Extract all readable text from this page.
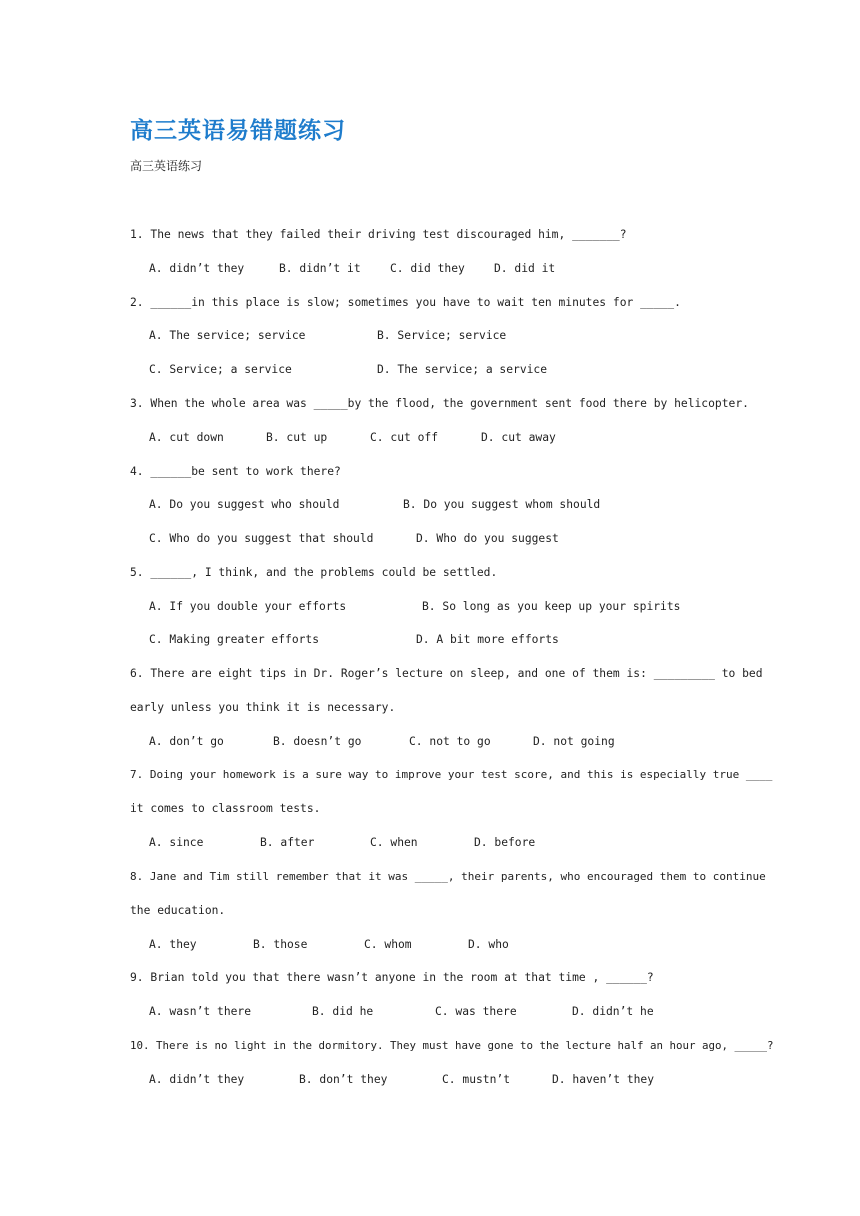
高三英语易错题练习
高三英语练习
1. The news that they failed their driving test discouraged him, _______?
A. didn’t they	B. didn’t it	C. did they	D. did it
2. ______in this place is slow; sometimes you have to wait ten minutes for _____.
A. The service; service	B. Service; service
C. Service; a service	D. The service; a service
3. When the whole area was _____by the flood, the government sent food there by helicopter.
A. cut down	B. cut up	C. cut off	D. cut away
4. ______be sent to work there?
A. Do you suggest who should	B. Do you suggest whom should
C. Who do you suggest that should	D. Who do you suggest
5. ______, I think, and the problems could be settled.
A. If you double your efforts	B. So long as you keep up your spirits
C. Making greater efforts	D. A bit more efforts
6. There are eight tips in Dr. Roger’s lecture on sleep, and one of them is: _________ to bed
early unless you think it is necessary.
A. don’t go	B. doesn’t go	C. not to go	D. not going
7. Doing your homework is a sure way to improve your test score, and this is especially true ____
it comes to classroom tests.
A. since	B. after	C. when	D. before
8. Jane and Tim still remember that it was _____, their parents, who encouraged them to continue
the education.
A. they	B. those	C. whom	D. who
9. Brian told you that there wasn’t anyone in the room at that time , ______?
A. wasn’t there	B. did he	C. was there	D. didn’t he
10. There is no light in the dormitory. They must have gone to the lecture half an hour ago, _____?
A. didn’t they	B. don’t they	C. mustn’t	D. haven’t they
